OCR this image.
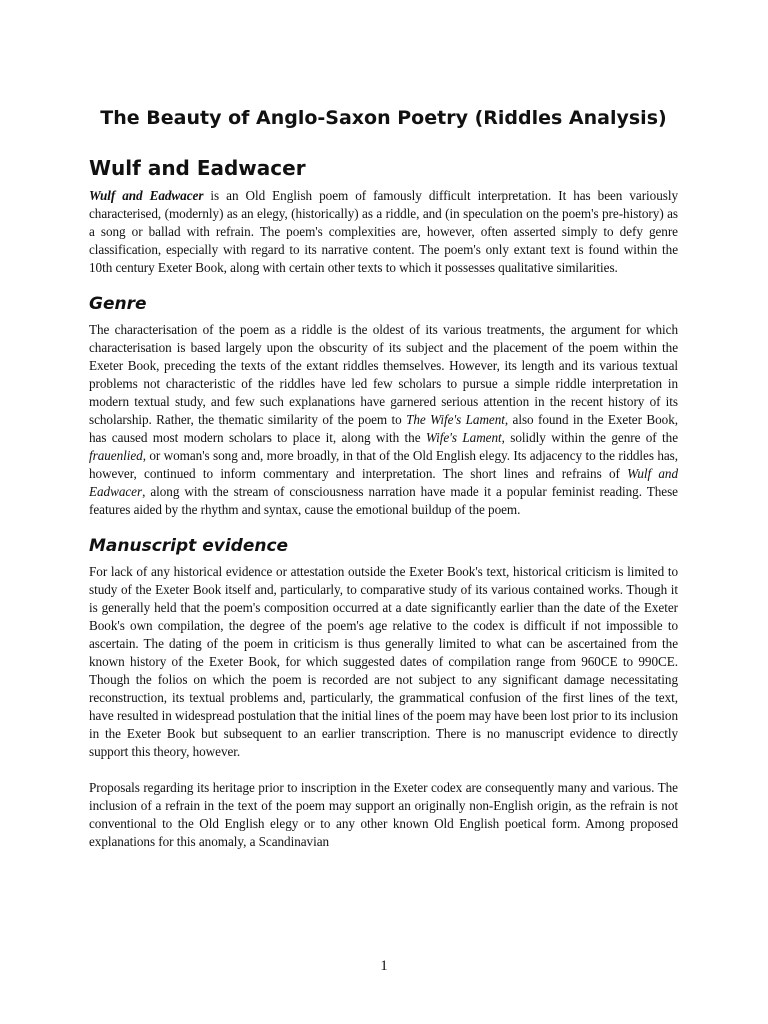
The Beauty of Anglo-Saxon Poetry (Riddles Analysis)
Wulf and Eadwacer

Wulf and Eadwacer is an Old English poem of famously difficult interpretation. It has been variously characterised, (modernly) as an elegy, (historically) as a riddle, and (in speculation on the poem's pre-history) as a song or ballad with refrain. The poem's complexities are, however, often asserted simply to defy genre classification, especially with regard to its narrative content. The poem's only extant text is found within the 10th century Exeter Book, along with certain other texts to which it possesses qualitative similarities.

Genre

The characterisation of the poem as a riddle is the oldest of its various treatments, the argument for which characterisation is based largely upon the obscurity of its subject and the placement of the poem within the Exeter Book, preceding the texts of the extant riddles themselves. However, its length and its various textual problems not characteristic of the riddles have led few scholars to pursue a simple riddle interpretation in modern textual study, and few such explanations have garnered serious attention in the recent history of its scholarship. Rather, the thematic similarity of the poem to The Wife's Lament, also found in the Exeter Book, has caused most modern scholars to place it, along with the Wife's Lament, solidly within the genre of the frauenlied, or woman's song and, more broadly, in that of the Old English elegy. Its adjacency to the riddles has, however, continued to inform commentary and interpretation. The short lines and refrains of Wulf and Eadwacer, along with the stream of consciousness narration have made it a popular feminist reading. These features aided by the rhythm and syntax, cause the emotional buildup of the poem.

Manuscript evidence

For lack of any historical evidence or attestation outside the Exeter Book's text, historical criticism is limited to study of the Exeter Book itself and, particularly, to comparative study of its various contained works. Though it is generally held that the poem's composition occurred at a date significantly earlier than the date of the Exeter Book's own compilation, the degree of the poem's age relative to the codex is difficult if not impossible to ascertain. The dating of the poem in criticism is thus generally limited to what can be ascertained from the known history of the Exeter Book, for which suggested dates of compilation range from 960CE to 990CE. Though the folios on which the poem is recorded are not subject to any significant damage necessitating reconstruction, its textual problems and, particularly, the grammatical confusion of the first lines of the text, have resulted in widespread postulation that the initial lines of the poem may have been lost prior to its inclusion in the Exeter Book but subsequent to an earlier transcription. There is no manuscript evidence to directly support this theory, however.

Proposals regarding its heritage prior to inscription in the Exeter codex are consequently many and various. The inclusion of a refrain in the text of the poem may support an originally non-English origin, as the refrain is not conventional to the Old English elegy or to any other known Old English poetical form. Among proposed explanations for this anomaly, a Scandinavian

1
